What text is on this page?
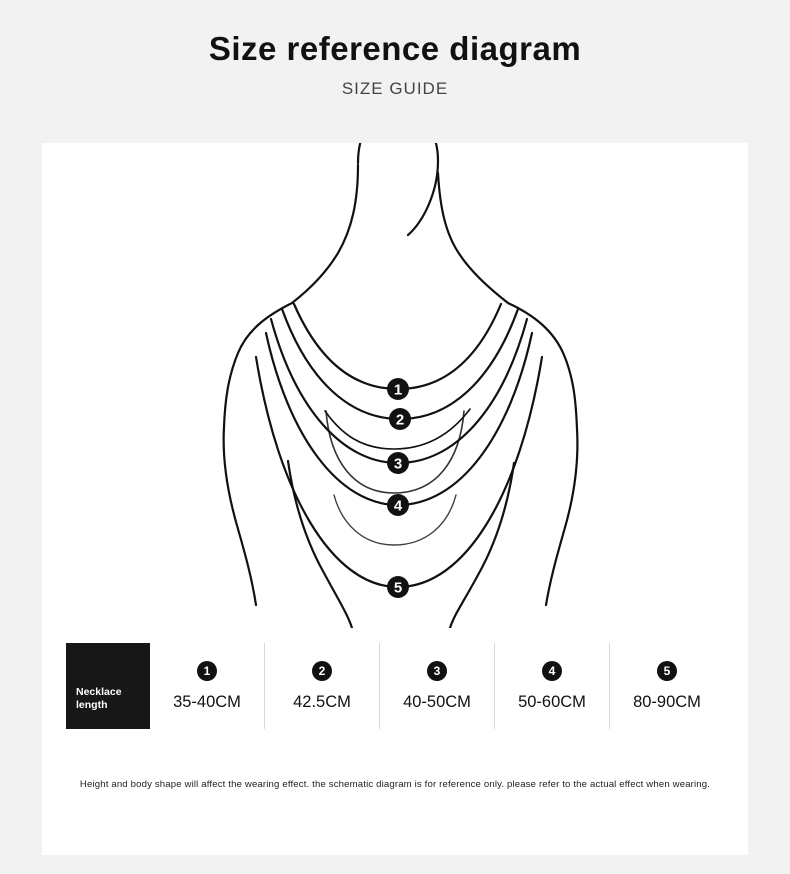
Size reference diagram
SIZE GUIDE
1
2
3
4
5
Necklace length
1
35-40CM
2
42.5CM
3
40-50CM
4
50-60CM
5
80-90CM
Height and body shape will affect the wearing effect. the schematic diagram is for reference only. please refer to the actual effect when wearing.
